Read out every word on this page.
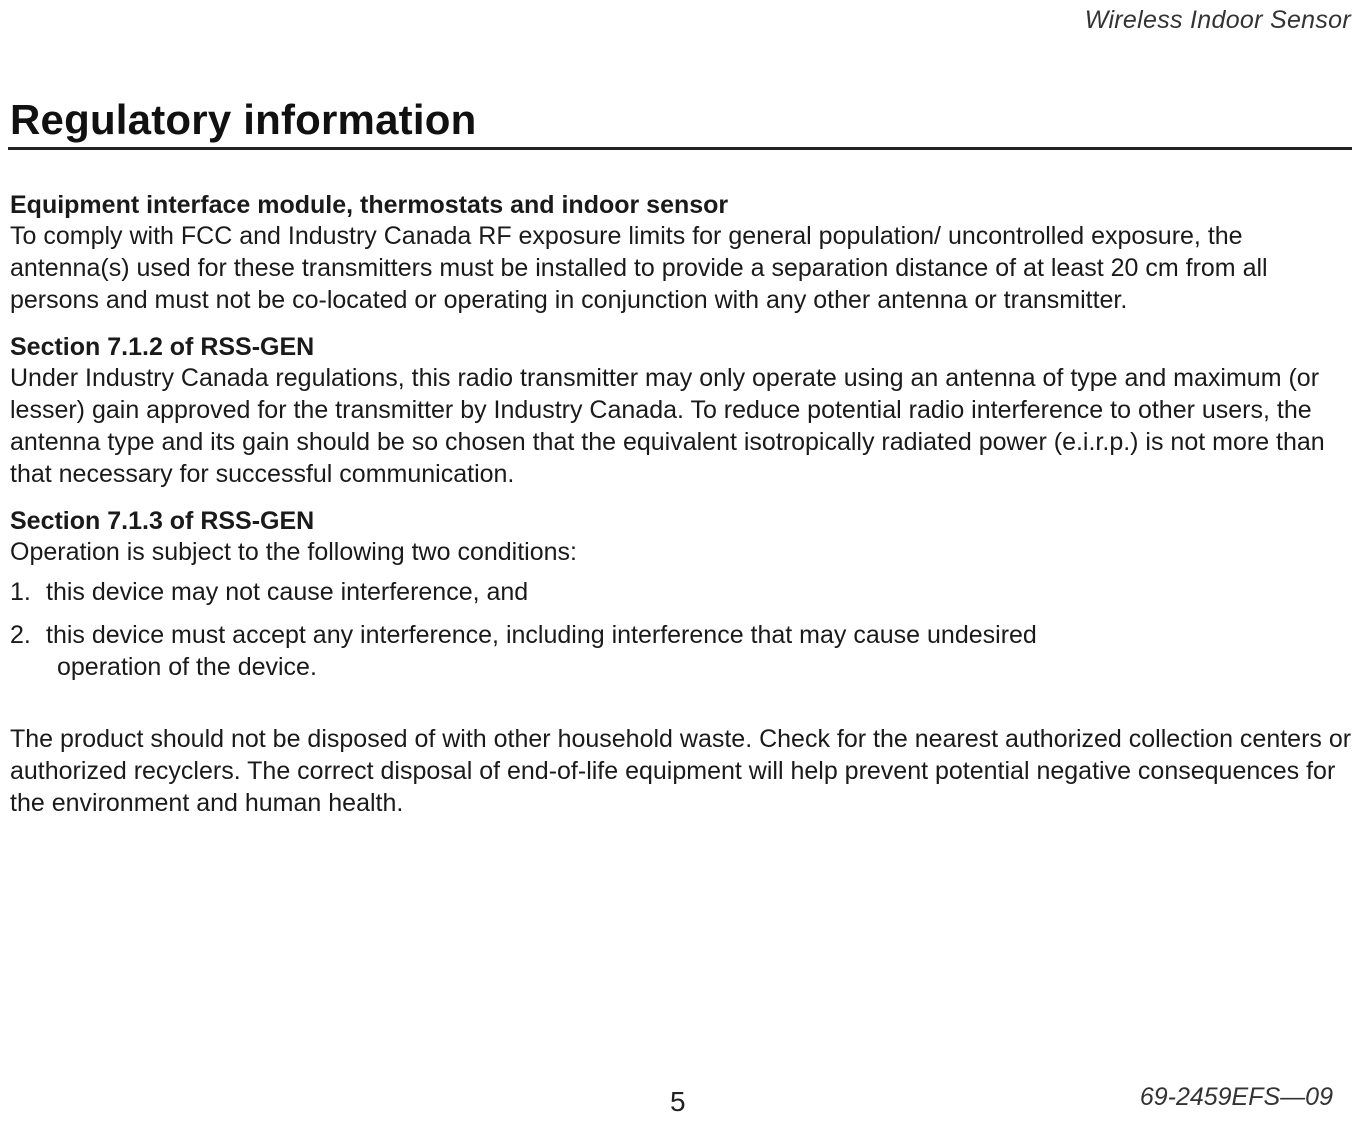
Wireless Indoor Sensor
Regulatory information

Equipment interface module, thermostats and indoor sensor

To comply with FCC and Industry Canada RF exposure limits for general population/ uncontrolled exposure, the antenna(s) used for these transmitters must be installed to provide a separation distance of at least 20 cm from all persons and must not be co-located or operating in conjunction with any other antenna or transmitter.

Section 7.1.2 of RSS-GEN

Under Industry Canada regulations, this radio transmitter may only operate using an antenna of type and maximum (or lesser) gain approved for the transmitter by Industry Canada. To reduce potential radio interference to other users, the antenna type and its gain should be so chosen that the equivalent isotropically radiated power (e.i.r.p.) is not more than that necessary for successful communication.

Section 7.1.3 of RSS-GEN

Operation is subject to the following two conditions:

1. this device may not cause interference, and
2. this device must accept any interference, including interference that may cause undesired
operation of the device.

The product should not be disposed of with other household waste. Check for the nearest authorized collection centers or authorized recyclers. The correct disposal of end-of-life equipment will help prevent potential negative consequences for the environment and human health.

5	69-2459EFS—09
